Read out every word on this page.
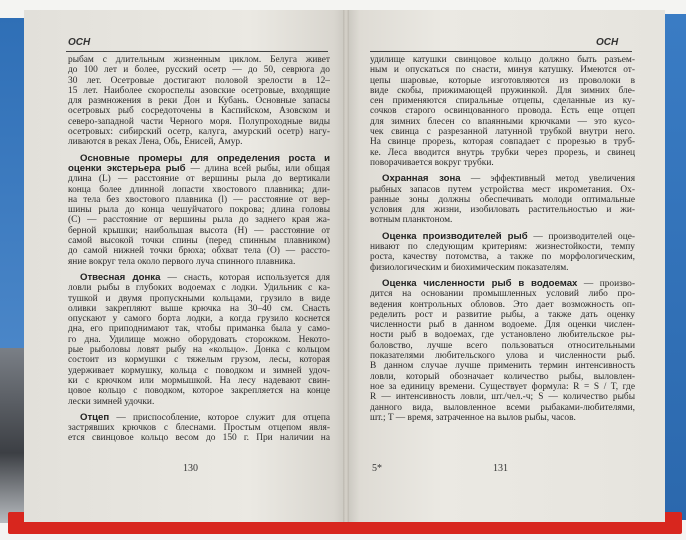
ОСН	ОСН
рыбам с длительным жизненным циклом. Белуга живет
до 100 лет и более, русский осетр — до 50, севрюга до
30 лет. Осетровые достигают половой зрелости в 12–
15 лет. Наиболее скороспелы азовские осетровые, входящие
для размножения в реки Дон и Кубань. Основные запасы
осетровых рыб сосредоточены в Каспийском, Азовском и
северо-западной части Черного моря. Полупроходные виды
осетровых: сибирский осетр, калуга, амурский осетр) нагу-
ливаются в реках Лена, Обь, Енисей, Амур.
Основные промеры для определения роста и
оценки экстерьера рыб — длина всей рыбы, или общая
длина (L) — расстояние от вершины рыла до вертикали
конца более длинной лопасти хвостового плавника; дли-
на тела без хвостового плавника (l) — расстояние от вер-
шины рыла до конца чешуйчатого покрова; длина головы
(C) — расстояние от вершины рыла до заднего края жа-
берной крышки; наибольшая высота (H) — расстояние от
самой высокой точки спины (перед спинным плавником)
до самой нижней точки брюха; обхват тела (O) — рассто-
яние вокруг тела около первого луча спинного плавника.
Отвесная донка — снасть, которая используется для
ловли рыбы в глубоких водоемах с лодки. Удильник с ка-
тушкой и двумя пропускными кольцами, грузило в виде
оливки закрепляют выше крючка на 30–40 см. Снасть
опускают у самого борта лодки, а когда грузило коснется
дна, его приподнимают так, чтобы приманка была у само-
го дна. Удилище можно оборудовать сторожком. Некото-
рые рыболовы ловят рыбу на «кольцо». Донка с кольцом
состоит из кормушки с тяжелым грузом, лесы, которая
удерживает кормушку, кольца с поводком и зимней удоч-
ки с крючком или мормышкой. На лесу надевают свин-
цовое кольцо с поводком, которое закрепляется на конце
лески зимней удочки.
Отцеп — приспособление, которое служит для отцепа
застрявших крючков с блеснами. Простым отцепом явля-
ется свинцовое кольцо весом до 150 г. При наличии на
удилище катушки свинцовое кольцо должно быть разъем-
ным и опускаться по снасти, минуя катушку. Имеются от-
цепы шаровые, которые изготовляются из проволоки в
виде скобы, прижимающей пружинкой. Для зимних бле-
сен применяются спиральные отцепы, сделанные из ку-
сочков старого освинцованного провода. Есть еще отцеп
для зимних блесен со впаянными крючками — это кусо-
чек свинца с разрезанной латунной трубкой внутри него.
На свинце прорезь, которая совпадает с прорезью в труб-
ке. Леса вводится внутрь трубки через прорезь, и свинец
поворачивается вокруг трубки.
Охранная зона — эффективный метод увеличения
рыбных запасов путем устройства мест икрометания. Ох-
ранные зоны должны обеспечивать молоди оптимальные
условия для жизни, изобиловать растительностью и жи-
вотным планктоном.
Оценка производителей рыб — производителей оце-
нивают по следующим критериям: жизнестойкости, темпу
роста, качеству потомства, а также по морфологическим,
физиологическим и биохимическим показателям.
Оценка численности рыб в водоемах — произво-
дится на основании промышленных условий либо про-
ведения контрольных обловов. Это дает возможность оп-
ределить рост и развитие рыбы, а также дать оценку
численности рыб в данном водоеме. Для оценки числен-
ности рыб в водоемах, где установлено любительское ры-
боловство, лучше всего пользоваться относительными
показателями любительского улова и численности рыб.
В данном случае лучше применить термин интенсивность
ловли, который обозначает количество рыбы, выловлен-
ное за единицу времени. Существует формула: R = S / T, где
R — интенсивность ловли, шт./чел.-ч; S — количество рыбы
данного вида, выловленное всеми рыбаками-любителями,
шт.; T — время, затраченное на вылов рыбы, часов.
130	5*	131
